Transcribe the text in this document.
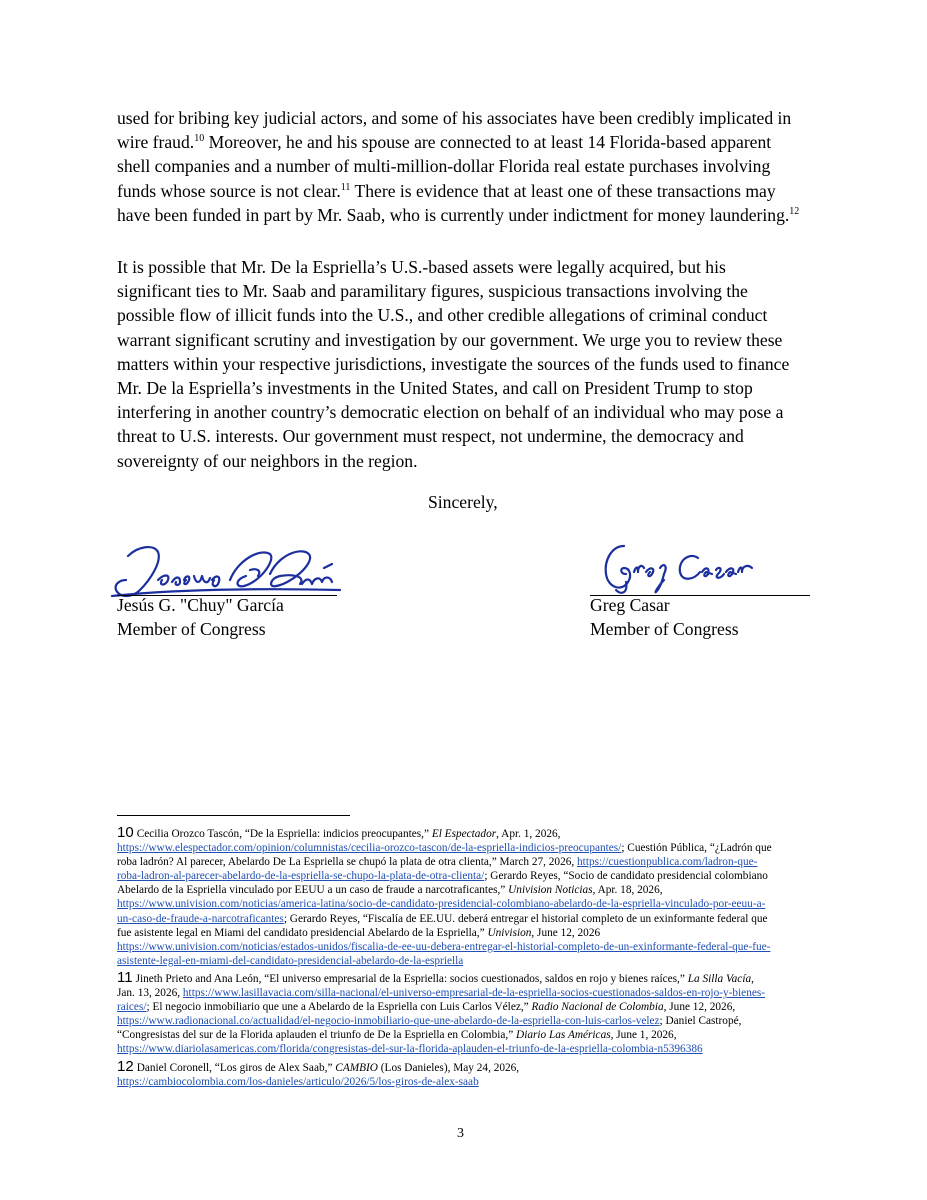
used for bribing key judicial actors, and some of his associates have been credibly implicated in
wire fraud.$^{10}$ Moreover, he and his spouse are connected to at least 14 Florida-based apparent
shell companies and a number of multi-million-dollar Florida real estate purchases involving
funds whose source is not clear.$^{11}$ There is evidence that at least one of these transactions may
have been funded in part by Mr. Saab, who is currently under indictment for money laundering.$^{12}$

It is possible that Mr. De la Espriella’s U.S.-based assets were legally acquired, but his
significant ties to Mr. Saab and paramilitary figures, suspicious transactions involving the
possible flow of illicit funds into the U.S., and other credible allegations of criminal conduct
warrant significant scrutiny and investigation by our government. We urge you to review these
matters within your respective jurisdictions, investigate the sources of the funds used to finance
Mr. De la Espriella’s investments in the United States, and call on President Trump to stop
interfering in another country’s democratic election on behalf of an individual who may pose a
threat to U.S. interests. Our government must respect, not undermine, the democracy and
sovereignty of our neighbors in the region.

Sincerely,
Jesús G. "Chuy" García
Member of Congress
Greg Casar
Member of Congress
10 Cecilia Orozco Tascón, “De la Espriella: indicios preocupantes,” El Espectador, Apr. 1, 2026,
https://www.elespectador.com/opinion/columnistas/cecilia-orozco-tascon/de-la-espriella-indicios-preocupantes/; Cuestión Pública, “¿Ladrón que
roba ladrón? Al parecer, Abelardo De La Espriella se chupó la plata de otra clienta,” March 27, 2026, https://cuestionpublica.com/ladron-que-
roba-ladron-al-parecer-abelardo-de-la-espriella-se-chupo-la-plata-de-otra-clienta/; Gerardo Reyes, “Socio de candidato presidencial colombiano
Abelardo de la Espriella vinculado por EEUU a un caso de fraude a narcotraficantes,” Univision Noticias, Apr. 18, 2026,
https://www.univision.com/noticias/america-latina/socio-de-candidato-presidencial-colombiano-abelardo-de-la-espriella-vinculado-por-eeuu-a-
un-caso-de-fraude-a-narcotraficantes; Gerardo Reyes, “Fiscalía de EE.UU. deberá entregar el historial completo de un exinformante federal que
fue asistente legal en Miami del candidato presidencial Abelardo de la Espriella,” Univision, June 12, 2026
https://www.univision.com/noticias/estados-unidos/fiscalia-de-ee-uu-debera-entregar-el-historial-completo-de-un-exinformante-federal-que-fue-
asistente-legal-en-miami-del-candidato-presidencial-abelardo-de-la-espriella
11 Jineth Prieto and Ana León, “El universo empresarial de la Espriella: socios cuestionados, saldos en rojo y bienes raíces,” La Silla Vacía,
Jan. 13, 2026, https://www.lasillavacia.com/silla-nacional/el-universo-empresarial-de-la-espriella-socios-cuestionados-saldos-en-rojo-y-bienes-
raices/; El negocio inmobiliario que une a Abelardo de la Espriella con Luis Carlos Vélez,” Radio Nacional de Colombia, June 12, 2026,
https://www.radionacional.co/actualidad/el-negocio-inmobiliario-que-une-abelardo-de-la-espriella-con-luis-carlos-velez; Daniel Castropé,
“Congresistas del sur de la Florida aplauden el triunfo de De la Espriella en Colombia,” Diario Las Américas, June 1, 2026,
https://www.diariolasamericas.com/florida/congresistas-del-sur-la-florida-aplauden-el-triunfo-de-la-espriella-colombia-n5396386
12 Daniel Coronell, “Los giros de Alex Saab,” CAMBIO (Los Danieles), May 24, 2026,
https://cambiocolombia.com/los-danieles/articulo/2026/5/los-giros-de-alex-saab
3
